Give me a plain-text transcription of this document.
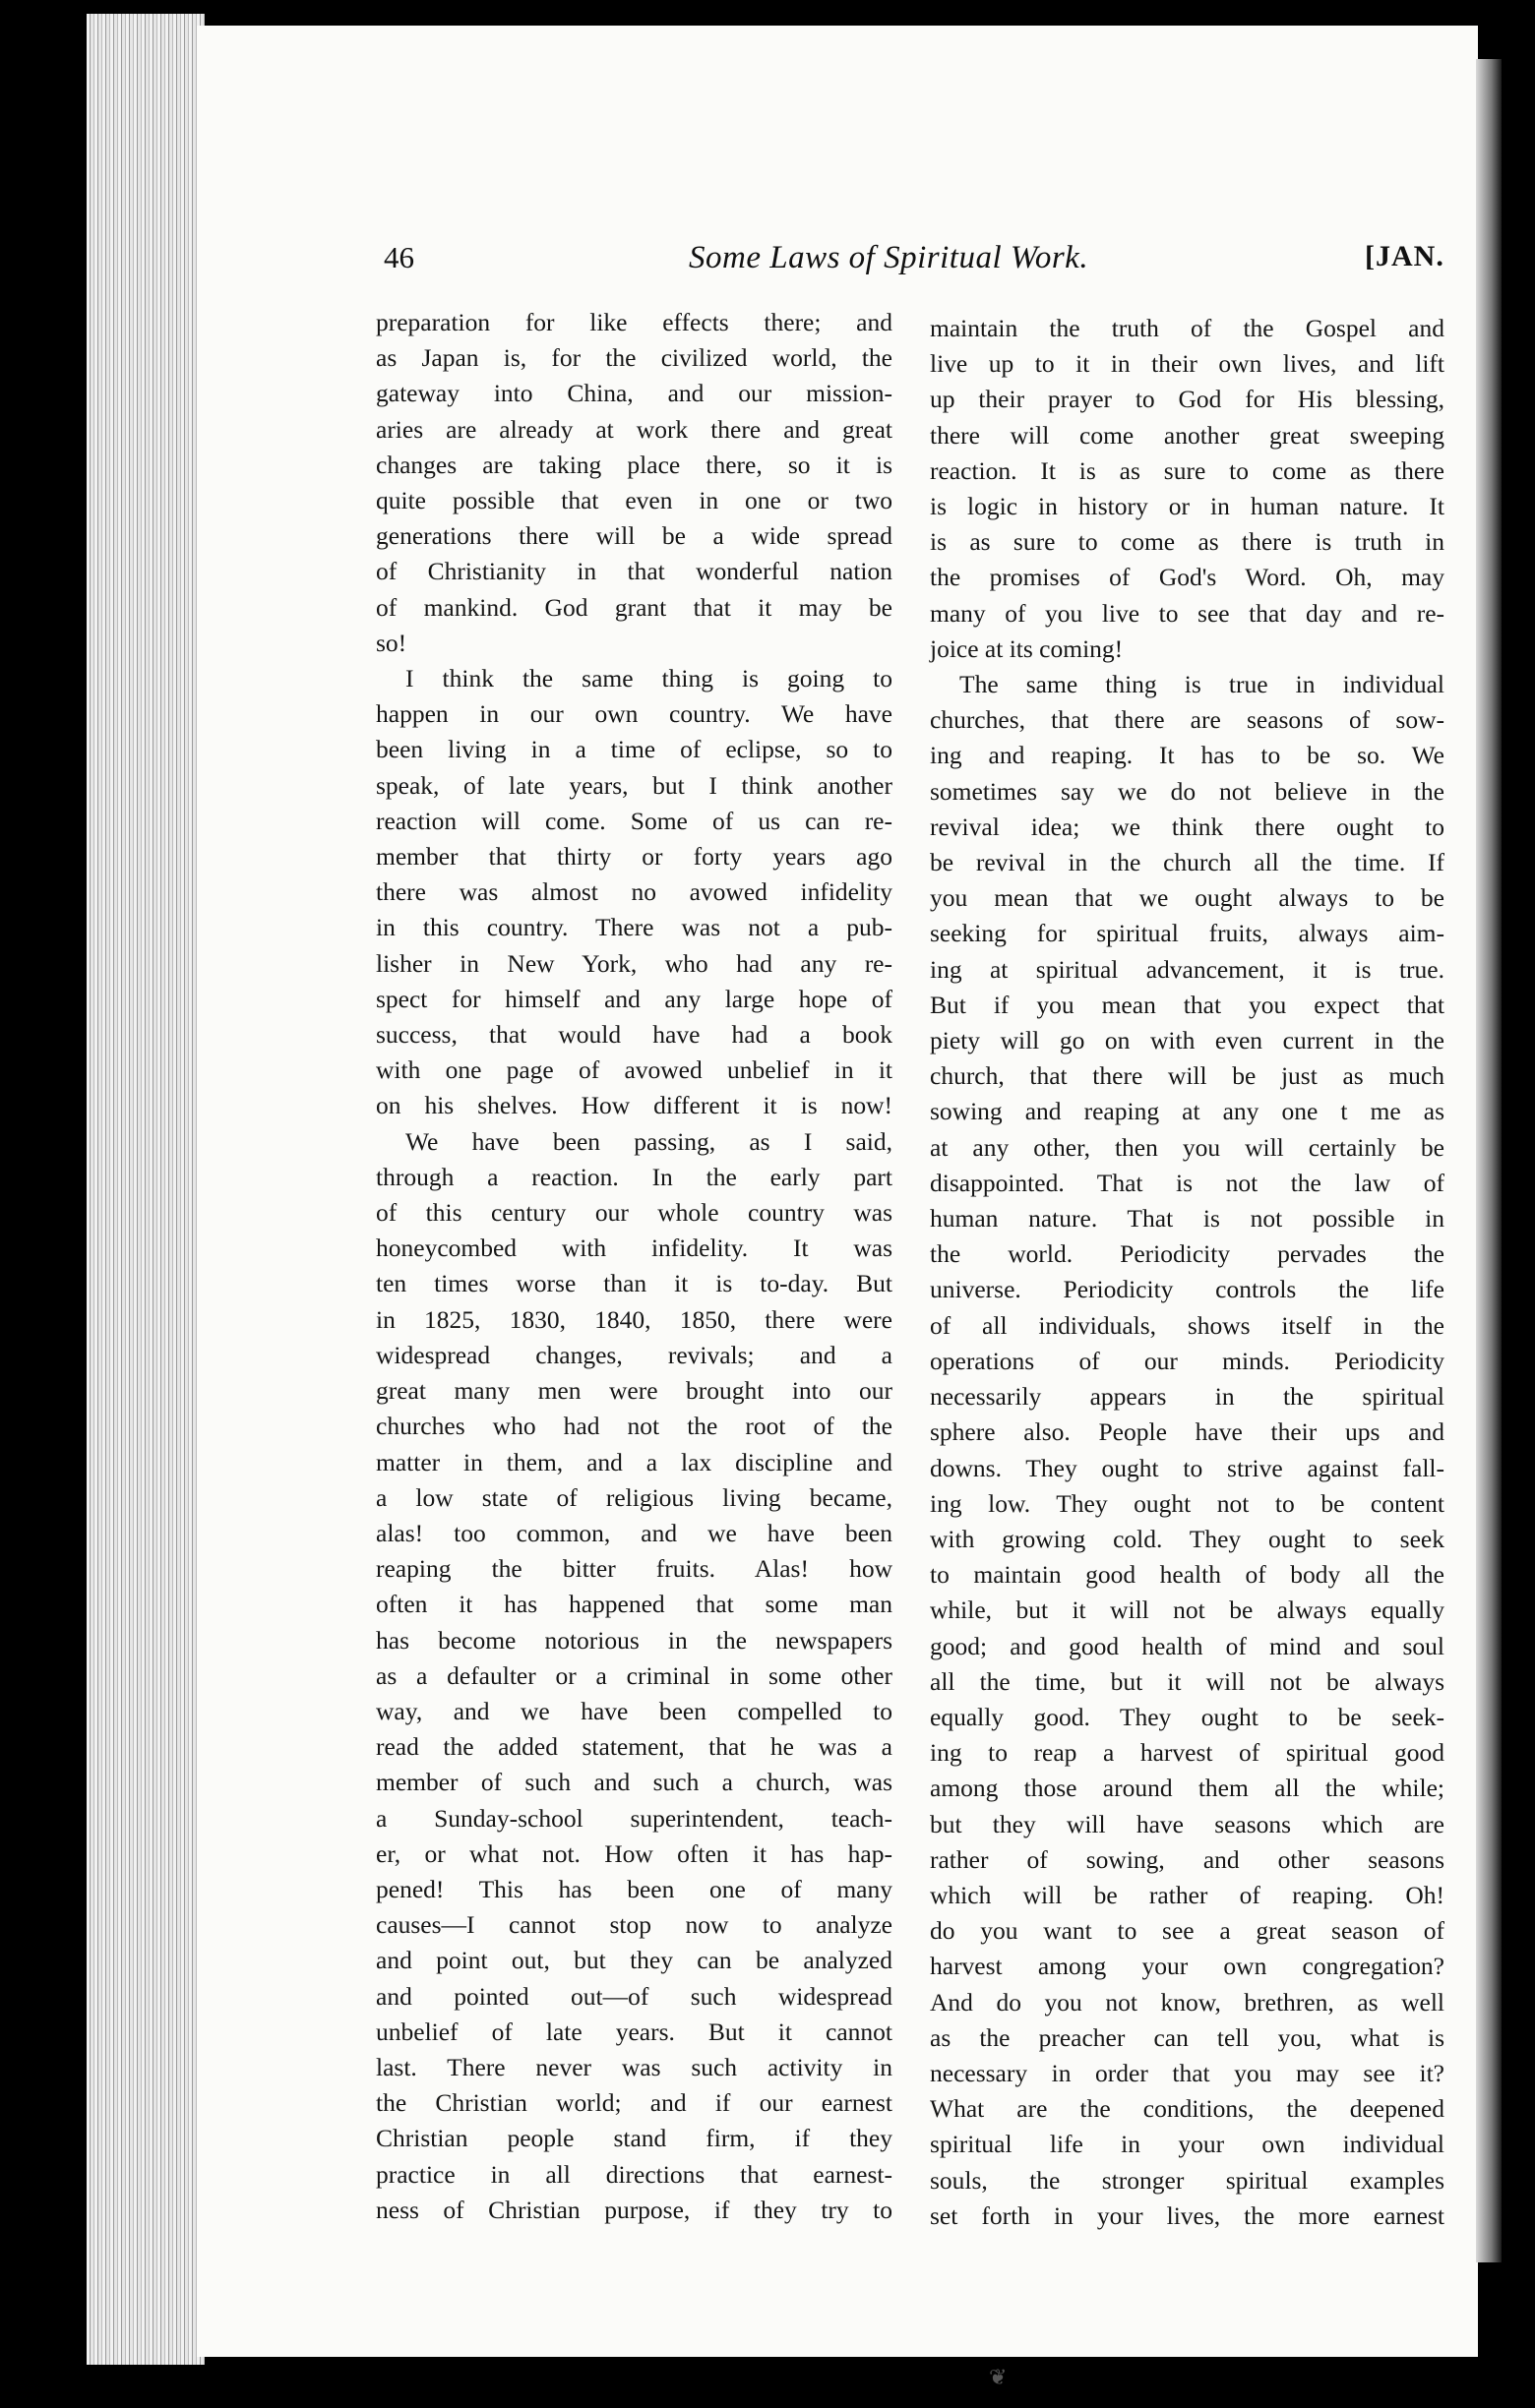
46	Some Laws of Spiritual Work.	[JAN.

preparation for like effects there; and

as Japan is, for the civilized world, the

gateway into China, and our mission-

aries are already at work there and great

changes are taking place there, so it is

quite possible that even in one or two

generations there will be a wide spread

of Christianity in that wonderful nation

of mankind. God grant that it may be

so!

I think the same thing is going to

happen in our own country. We have

been living in a time of eclipse, so to

speak, of late years, but I think another

reaction will come. Some of us can re-

member that thirty or forty years ago

there was almost no avowed infidelity

in this country. There was not a pub-

lisher in New York, who had any re-

spect for himself and any large hope of

success, that would have had a book

with one page of avowed unbelief in it

on his shelves. How different it is now!

We have been passing, as I said,

through a reaction. In the early part

of this century our whole country was

honeycombed with infidelity. It was

ten times worse than it is to-day. But

in 1825, 1830, 1840, 1850, there were

widespread changes, revivals; and a

great many men were brought into our

churches who had not the root of the

matter in them, and a lax discipline and

a low state of religious living became,

alas! too common, and we have been

reaping the bitter fruits. Alas! how

often it has happened that some man

has become notorious in the newspapers

as a defaulter or a criminal in some other

way, and we have been compelled to

read the added statement, that he was a

member of such and such a church, was

a Sunday-school superintendent, teach-

er, or what not. How often it has hap-

pened! This has been one of many

causes—I cannot stop now to analyze

and point out, but they can be analyzed

and pointed out—of such widespread

unbelief of late years. But it cannot

last. There never was such activity in

the Christian world; and if our earnest

Christian people stand firm, if they

practice in all directions that earnest-

ness of Christian purpose, if they try to

maintain the truth of the Gospel and

live up to it in their own lives, and lift

up their prayer to God for His blessing,

there will come another great sweeping

reaction. It is as sure to come as there

is logic in history or in human nature. It

is as sure to come as there is truth in

the promises of God's Word. Oh, may

many of you live to see that day and re-

joice at its coming!

The same thing is true in individual

churches, that there are seasons of sow-

ing and reaping. It has to be so. We

sometimes say we do not believe in the

revival idea; we think there ought to

be revival in the church all the time. If

you mean that we ought always to be

seeking for spiritual fruits, always aim-

ing at spiritual advancement, it is true.

But if you mean that you expect that

piety will go on with even current in the

church, that there will be just as much

sowing and reaping at any one t me as

at any other, then you will certainly be

disappointed. That is not the law of

human nature. That is not possible in

the world. Periodicity pervades the

universe. Periodicity controls the life

of all individuals, shows itself in the

operations of our minds. Periodicity

necessarily appears in the spiritual

sphere also. People have their ups and

downs. They ought to strive against fall-

ing low. They ought not to be content

with growing cold. They ought to seek

to maintain good health of body all the

while, but it will not be always equally

good; and good health of mind and soul

all the time, but it will not be always

equally good. They ought to be seek-

ing to reap a harvest of spiritual good

among those around them all the while;

but they will have seasons which are

rather of sowing, and other seasons

which will be rather of reaping. Oh!

do you want to see a great season of

harvest among your own congregation?

And do you not know, brethren, as well

as the preacher can tell you, what is

necessary in order that you may see it?

What are the conditions, the deepened

spiritual life in your own individual

souls, the stronger spiritual examples

set forth in your lives, the more earnest

❦
